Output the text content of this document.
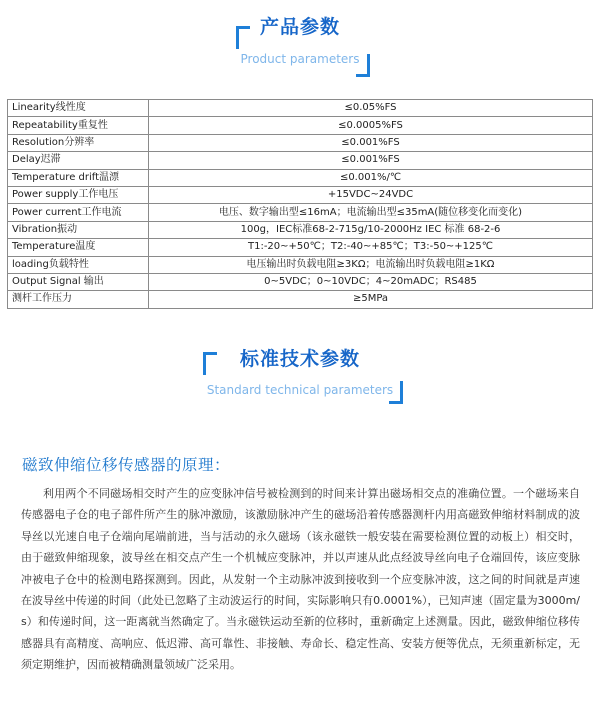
产品参数
Product parameters
Linearity线性度	≤0.05%FS
Repeatability重复性	≤0.0005%FS
Resolution分辨率	≤0.001%FS
Delay迟滞	≤0.001%FS
Temperature drift温漂	≤0.001%/℃
Power supply工作电压	+15VDC~24VDC
Power current工作电流	电压、数字输出型≤16mA；电流输出型≤35mA(随位移变化而变化)
Vibration振动	100g，IEC标准68-2-715g/10-2000Hz IEC 标准 68-2-6
Temperature温度	T1:-20~+50℃；T2:-40~+85℃；T3:-50~+125℃
loading负载特性	电压输出时负载电阻≥3KΩ；电流输出时负载电阻≥1KΩ
Output Signal 输出	0~5VDC；0~10VDC；4~20mADC；RS485
测杆工作压力	≥5MPa
标准技术参数
Standard technical parameters
磁致伸缩位移传感器的原理：
利用两个不同磁场相交时产生的应变脉冲信号被检测到的时间来计算出磁场相交点的准确位置。一个磁场来自传感器电子仓的电子部件所产生的脉冲激励，该激励脉冲产生的磁场沿着传感器测杆内用高磁致伸缩材料制成的波导丝以光速自电子仓端向尾端前进，当与活动的永久磁场（该永磁铁一般安装在需要检测位置的动板上）相交时，由于磁致伸缩现象，波导丝在相交点产生一个机械应变脉冲，并以声速从此点经波导丝向电子仓端回传，该应变脉冲被电子仓中的检测电路探测到。因此，从发射一个主动脉冲波到接收到一个应变脉冲波，这之间的时间就是声速在波导丝中传递的时间（此处已忽略了主动波运行的时间，实际影响只有0.0001%），已知声速（固定量为3000m/s）和传递时间，这一距离就当然确定了。当永磁铁运动至新的位移时，重新确定上述测量。因此，磁致伸缩位移传感器具有高精度、高响应、低迟滞、高可靠性、非接触、寿命长、稳定性高、安装方便等优点，无须重新标定，无须定期维护，因而被精确测量领域广泛采用。
